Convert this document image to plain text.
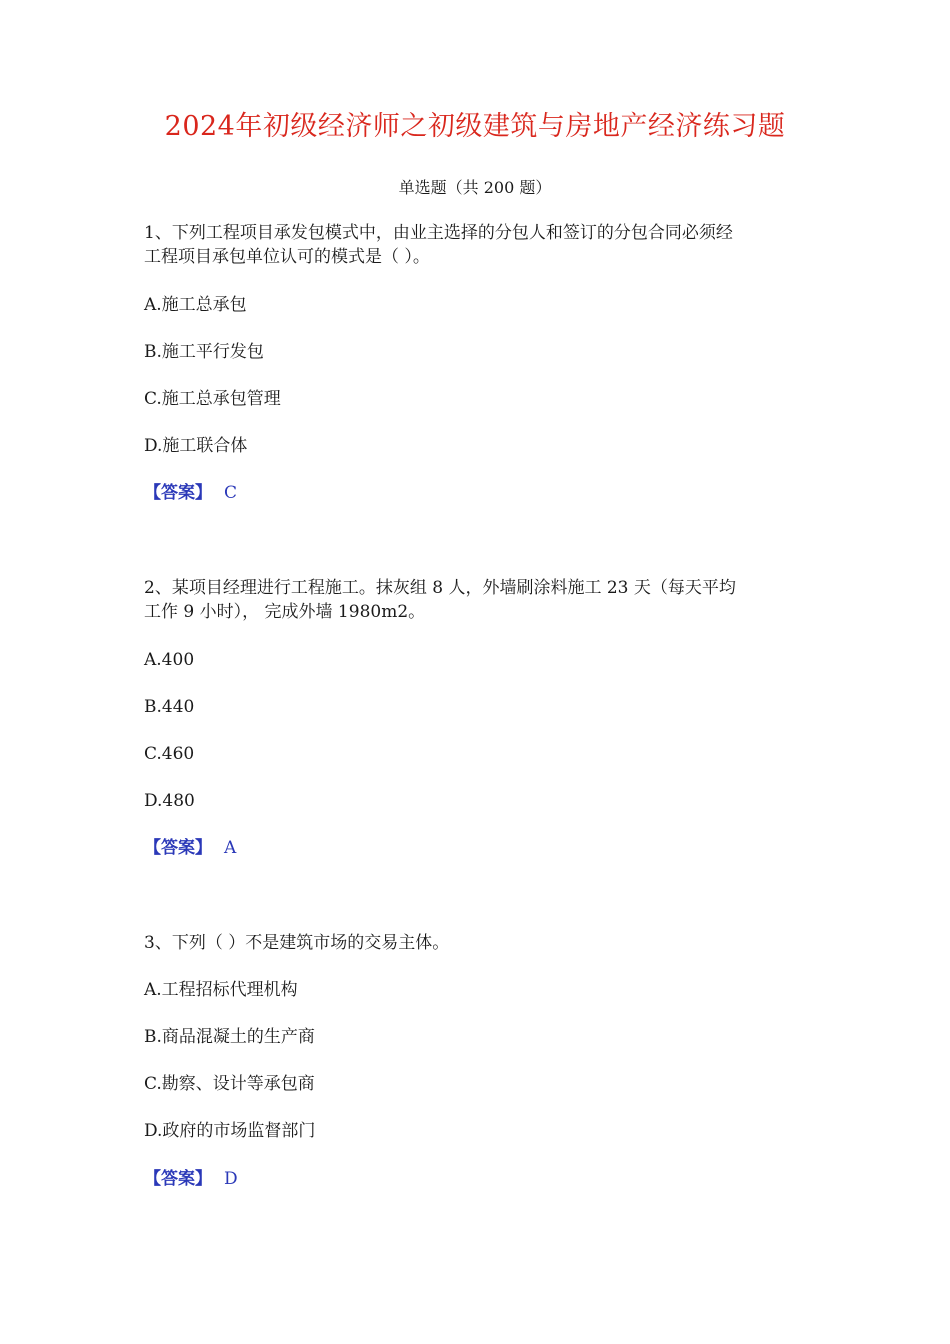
2024年初级经济师之初级建筑与房地产经济练习题
单选题（共 200 题）
1、下列工程项目承发包模式中，由业主选择的分包人和签订的分包合同必须经
工程项目承包单位认可的模式是（ ）。
A.施工总承包
B.施工平行发包
C.施工总承包管理
D.施工联合体
【答案】 C
2、某项目经理进行工程施工。抹灰组 8 人，外墙刷涂料施工 23 天（每天平均
工作 9 小时）， 完成外墙 1980m2。
A.400
B.440
C.460
D.480
【答案】 A
3、下列（ ）不是建筑市场的交易主体。
A.工程招标代理机构
B.商品混凝土的生产商
C.勘察、设计等承包商
D.政府的市场监督部门
【答案】 D
